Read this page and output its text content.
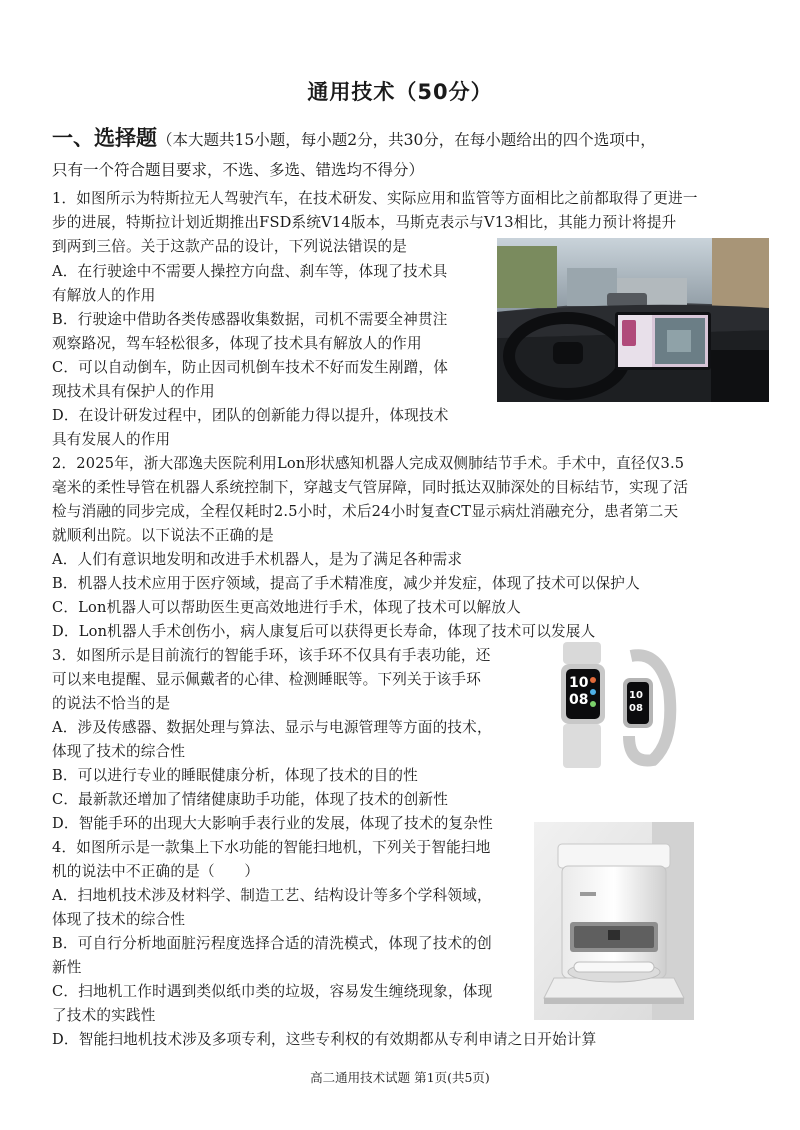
通用技术（50分）
一、选择题（本大题共15小题，每小题2分，共30分，在每小题给出的四个选项中，
只有一个符合题目要求，不选、多选、错选均不得分）
1．如图所示为特斯拉无人驾驶汽车，在技术研发、实际应用和监管等方面相比之前都取得了更进一
步的进展，特斯拉计划近期推出FSD系统V14版本，马斯克表示与V13相比，其能力预计将提升
到两到三倍。关于这款产品的设计，下列说法错误的是
A．在行驶途中不需要人操控方向盘、刹车等，体现了技术具
有解放人的作用
B．行驶途中借助各类传感器收集数据，司机不需要全神贯注
观察路况，驾车轻松很多，体现了技术具有解放人的作用
C．可以自动倒车，防止因司机倒车技术不好而发生剐蹭，体
现技术具有保护人的作用
D．在设计研发过程中，团队的创新能力得以提升，体现技术
具有发展人的作用
2．2025年，浙大邵逸夫医院利用Lon形状感知机器人完成双侧肺结节手术。手术中，直径仅3.5
毫米的柔性导管在机器人系统控制下，穿越支气管屏障，同时抵达双肺深处的目标结节，实现了活
检与消融的同步完成，全程仅耗时2.5小时，术后24小时复查CT显示病灶消融充分，患者第二天
就顺利出院。以下说法不正确的是
A．人们有意识地发明和改进手术机器人，是为了满足各种需求
B．机器人技术应用于医疗领域，提高了手术精准度，减少并发症，体现了技术可以保护人
C．Lon机器人可以帮助医生更高效地进行手术，体现了技术可以解放人
D．Lon机器人手术创伤小，病人康复后可以获得更长寿命，体现了技术可以发展人
3．如图所示是目前流行的智能手环，该手环不仅具有手表功能，还
可以来电提醒、显示佩戴者的心律、检测睡眠等。下列关于该手环
的说法不恰当的是
A．涉及传感器、数据处理与算法、显示与电源管理等方面的技术，
体现了技术的综合性
B．可以进行专业的睡眠健康分析，体现了技术的目的性
C．最新款还增加了情绪健康助手功能，体现了技术的创新性
D．智能手环的出现大大影响手表行业的发展，体现了技术的复杂性
10
08	10
08
4．如图所示是一款集上下水功能的智能扫地机，下列关于智能扫地
机的说法中不正确的是（　　）
A．扫地机技术涉及材料学、制造工艺、结构设计等多个学科领域，
体现了技术的综合性
B．可自行分析地面脏污程度选择合适的清洗模式，体现了技术的创
新性
C．扫地机工作时遇到类似纸巾类的垃圾，容易发生缠绕现象，体现
了技术的实践性
D．智能扫地机技术涉及多项专利，这些专利权的有效期都从专利申请之日开始计算
高二通用技术试题 第1页(共5页)
